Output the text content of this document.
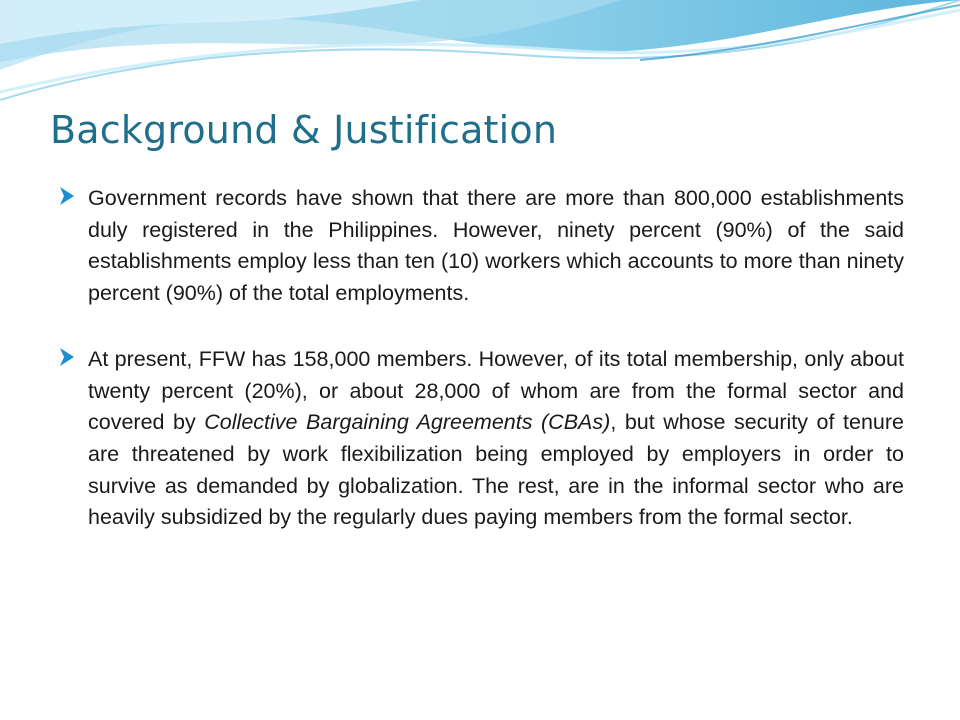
Background & Justification

Government records have shown that there are more than 800,000 establishments duly registered in the Philippines. However, ninety percent (90%) of the said establishments employ less than ten (10) workers which accounts to more than ninety percent (90%) of the total employments.

At present, FFW has 158,000 members. However, of its total membership, only about twenty percent (20%), or about 28,000 of whom are from the formal sector and covered by Collective Bargaining Agreements (CBAs), but whose security of tenure are threatened by work flexibilization being employed by employers in order to survive as demanded by globalization. The rest, are in the informal sector who are heavily subsidized by the regularly dues paying members from the formal sector.
